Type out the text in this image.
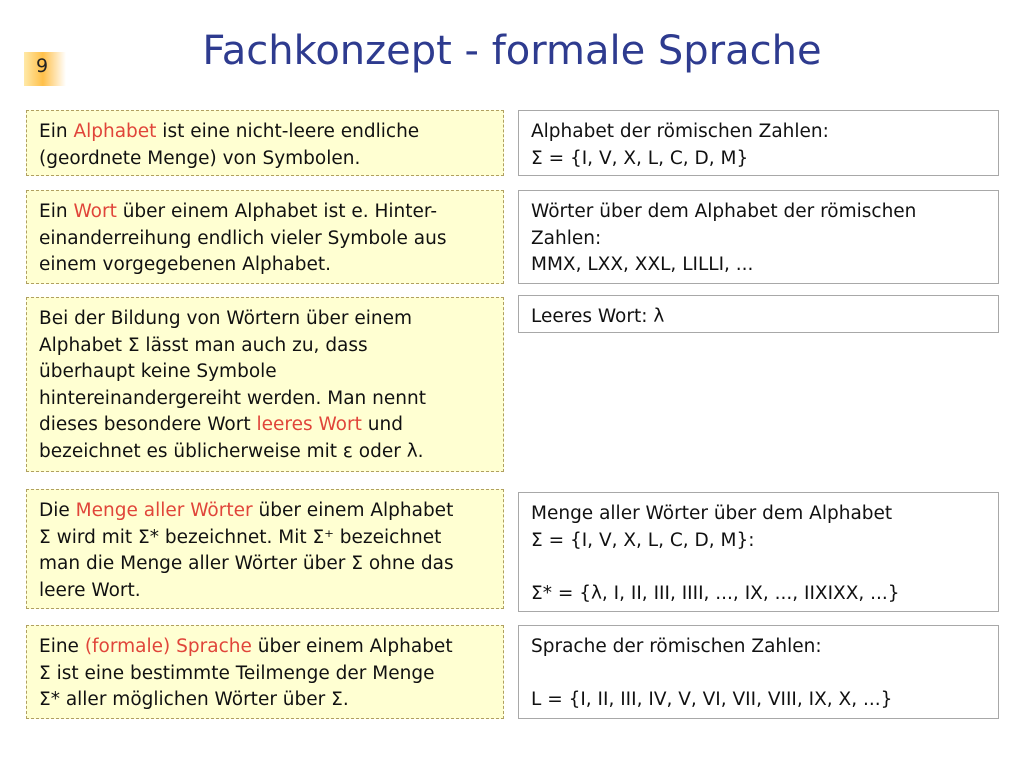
9	Fachkonzept - formale Sprache
Ein Alphabet ist eine nicht-leere endliche
(geordnete Menge) von Symbolen.
Ein Wort über einem Alphabet ist e. Hinter-
einanderreihung endlich vieler Symbole aus
einem vorgegebenen Alphabet.
Bei der Bildung von Wörtern über einem
Alphabet Σ lässt man auch zu, dass
überhaupt keine Symbole
hintereinandergereiht werden. Man nennt
dieses besondere Wort leeres Wort und
bezeichnet es üblicherweise mit ε oder λ.
Die Menge aller Wörter über einem Alphabet
Σ wird mit Σ* bezeichnet. Mit Σ⁺ bezeichnet
man die Menge aller Wörter über Σ ohne das
leere Wort.
Eine (formale) Sprache über einem Alphabet
Σ ist eine bestimmte Teilmenge der Menge
Σ* aller möglichen Wörter über Σ.
Alphabet der römischen Zahlen:
Σ = {I, V, X, L, C, D, M}
Wörter über dem Alphabet der römischen
Zahlen:
MMX, LXX, XXL, LILLI, ...
Leeres Wort: λ
Menge aller Wörter über dem Alphabet
Σ = {I, V, X, L, C, D, M}:

Σ* = {λ, I, II, III, IIII, ..., IX, ..., IIXIXX, ...}
Sprache der römischen Zahlen:

L = {I, II, III, IV, V, VI, VII, VIII, IX, X, ...}
